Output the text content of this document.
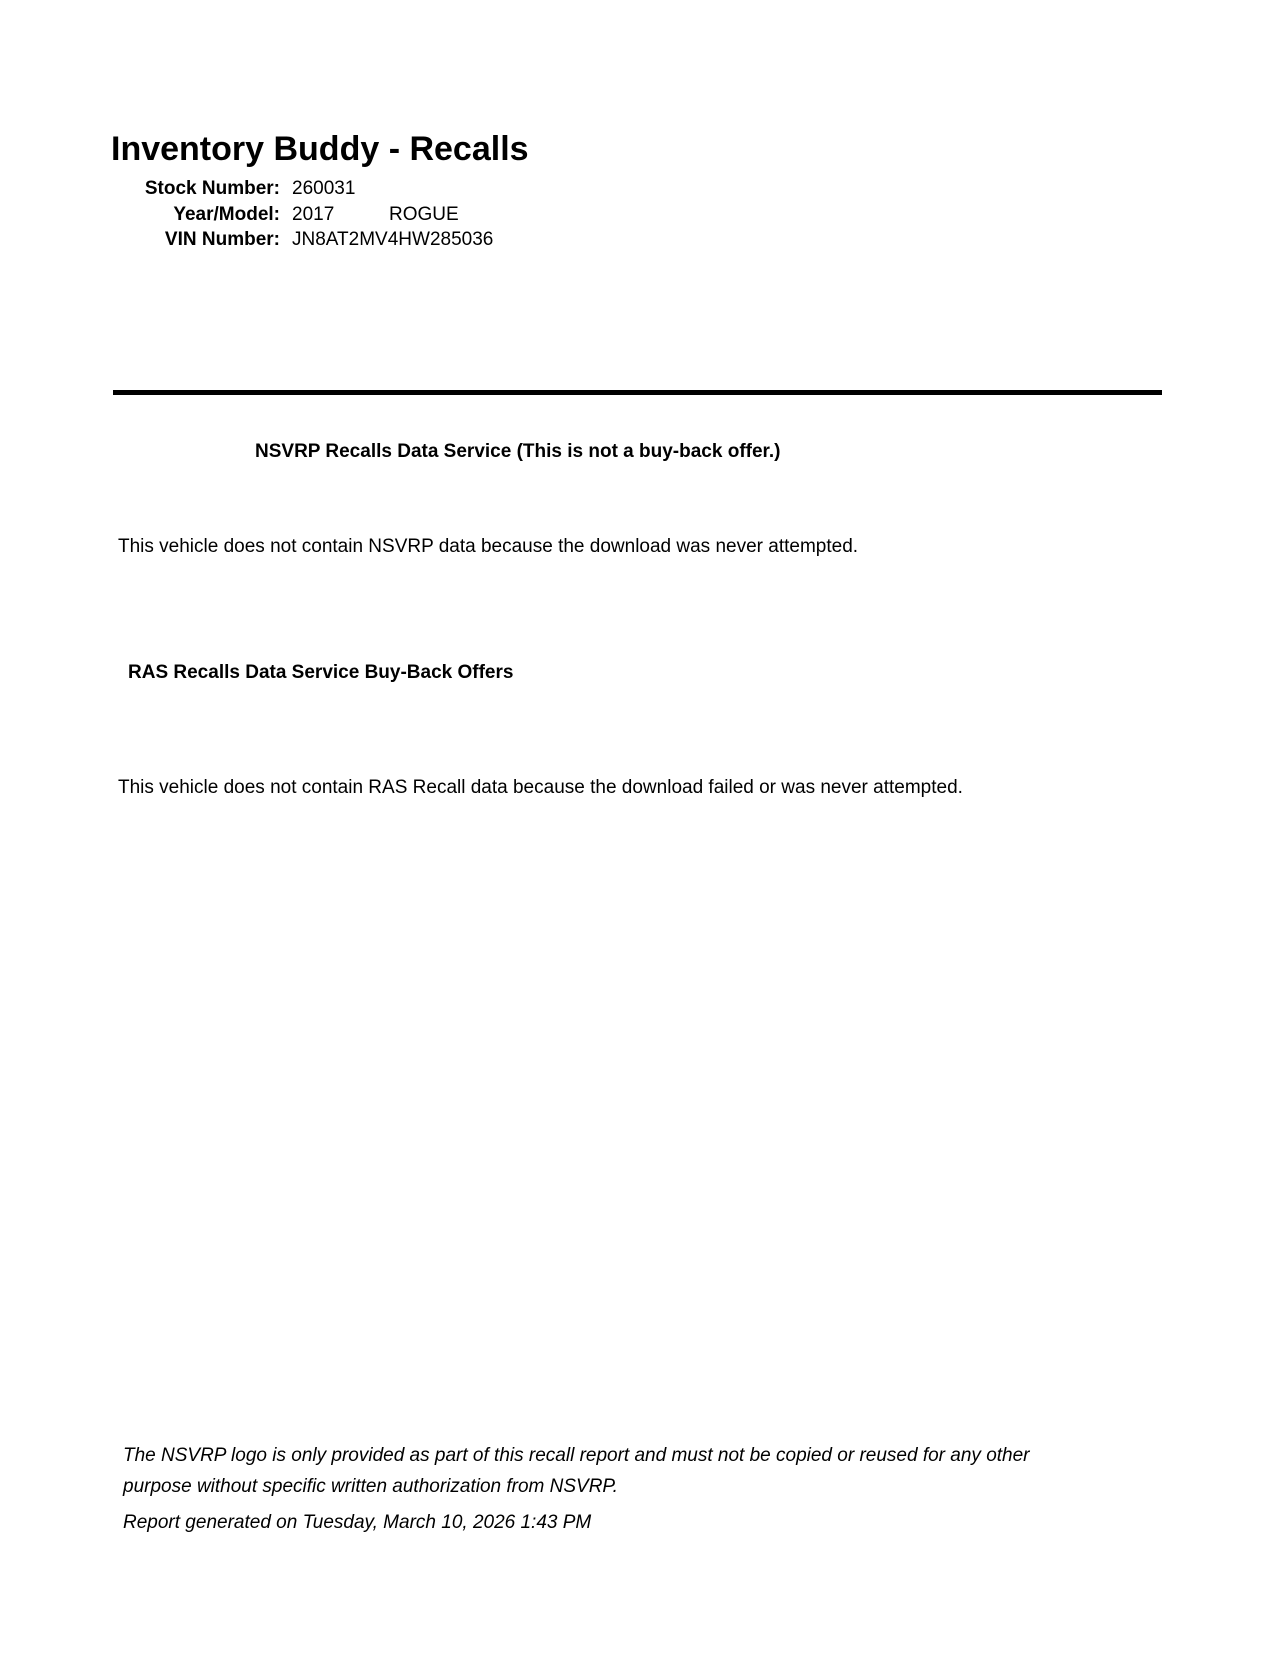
Inventory Buddy - Recalls
Stock Number: 260031
Year/Model: 2017	ROGUE
VIN Number: JN8AT2MV4HW285036
NSVRP Recalls Data Service (This is not a buy-back offer.)
This vehicle does not contain NSVRP data because the download was never attempted.
RAS Recalls Data Service Buy-Back Offers
This vehicle does not contain RAS Recall data because the download failed or was never attempted.
The NSVRP logo is only provided as part of this recall report and must not be copied or reused for any other
purpose without specific written authorization from NSVRP.
Report generated on Tuesday, March 10, 2026 1:43 PM
